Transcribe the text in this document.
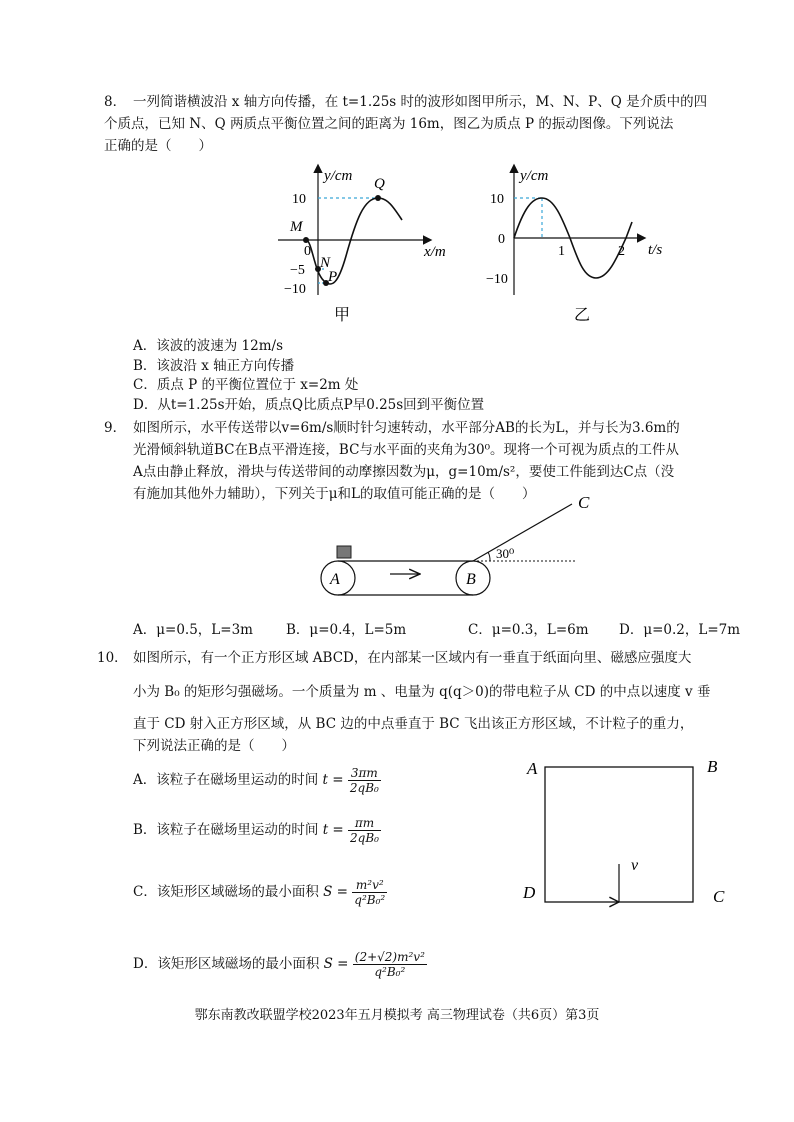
8． 一列简谐横波沿 x 轴方向传播，在 t=1.25s 时的波形如图甲所示，M、N、P、Q 是介质中的四
个质点，已知 N、Q 两质点平衡位置之间的距离为 16m，图乙为质点 P 的振动图像。下列说法
正确的是（　　）
y/cm
x/m
10
−5
−10
0
M
N
P
Q
甲
y/cm
t/s
10
0
−10
1	2
乙
A．该波的波速为 12m/s
B．该波沿 x 轴正方向传播
C．质点 P 的平衡位置位于 x=2m 处
D．从t=1.25s开始，质点Q比质点P早0.25s回到平衡位置
9． 如图所示，水平传送带以v=6m/s顺时针匀速转动，水平部分AB的长为L，并与长为3.6m的
光滑倾斜轨道BC在B点平滑连接，BC与水平面的夹角为30⁰。现将一个可视为质点的工件从
A点由静止释放，滑块与传送带间的动摩擦因数为μ，g=10m/s²，要使工件能到达C点（没
有施加其他外力辅助），下列关于μ和L的取值可能正确的是（　　）
A	B
C
30⁰
A．μ=0.5，L=3m B．μ=0.4，L=5m	C．μ=0.3，L=6m D．μ=0.2，L=7m
10． 如图所示，有一个正方形区域 ABCD，在内部某一区域内有一垂直于纸面向里、磁感应强度大
小为 B₀ 的矩形匀强磁场。一个质量为 m 、电量为 q(q＞0)的带电粒子从 CD 的中点以速度 v 垂
直于 CD 射入正方形区域，从 BC 边的中点垂直于 BC 飞出该正方形区域，不计粒子的重力，
下列说法正确的是（　　）
A	B
D	C
v
A．该粒子在磁场里运动的时间 $t = \frac{3\pi m}{\text{2qB₀}}$
B．该粒子在磁场里运动的时间 $t = \frac{\pi m}{\text{2qB₀}}$
C．该矩形区域磁场的最小面积 $S = \frac{\text{m²v²}}{\text{q²B₀²}}$
D．该矩形区域磁场的最小面积 $S = \frac{\text{(2+√2)m²v²}}{\text{q²B₀²}}$
鄂东南教改联盟学校2023年五月模拟考 高三物理试卷（共6页）第3页
